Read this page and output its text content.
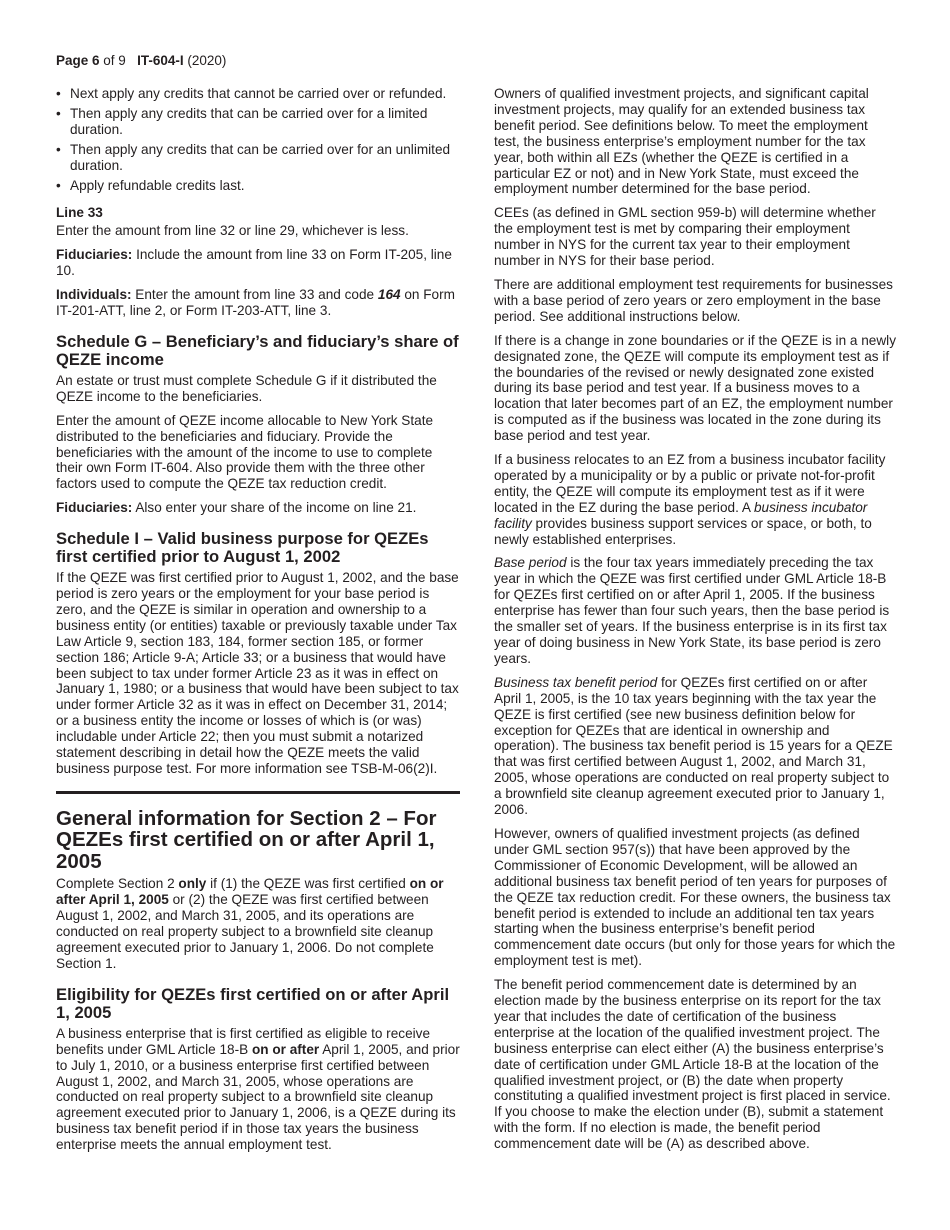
Page 6 of 9 IT-604-I (2020)
• Next apply any credits that cannot be carried over or refunded.
• Then apply any credits that can be carried over for a limited duration.
• Then apply any credits that can be carried over for an unlimited duration.
• Apply refundable credits last.
Line 33

Enter the amount from line 32 or line 29, whichever is less.

Fiduciaries: Include the amount from line 33 on Form IT-205, line 10.

Individuals: Enter the amount from line 33 and code 164 on Form IT-201-ATT, line 2, or Form IT-203-ATT, line 3.

Schedule G – Beneficiary’s and fiduciary’s share of QEZE income

An estate or trust must complete Schedule G if it distributed the QEZE income to the beneficiaries.

Enter the amount of QEZE income allocable to New York State distributed to the beneficiaries and fiduciary. Provide the beneficiaries with the amount of the income to use to complete their own Form IT-604. Also provide them with the three other factors used to compute the QEZE tax reduction credit.

Fiduciaries: Also enter your share of the income on line 21.

Schedule I – Valid business purpose for QEZEs first certified prior to August 1, 2002

If the QEZE was first certified prior to August 1, 2002, and the base period is zero years or the employment for your base period is zero, and the QEZE is similar in operation and ownership to a business entity (or entities) taxable or previously taxable under Tax Law Article 9, section 183, 184, former section 185, or former section 186; Article 9-A; Article 33; or a business that would have been subject to tax under former Article 23 as it was in effect on January 1, 1980; or a business that would have been subject to tax under former Article 32 as it was in effect on December 31, 2014; or a business entity the income or losses of which is (or was) includable under Article 22; then you must submit a notarized statement describing in detail how the QEZE meets the valid business purpose test. For more information see TSB-M-06(2)I.

General information for Section 2 – For QEZEs first certified on or after April 1, 2005

Complete Section 2 only if (1) the QEZE was first certified on or after April 1, 2005 or (2) the QEZE was first certified between August 1, 2002, and March 31, 2005, and its operations are conducted on real property subject to a brownfield site cleanup agreement executed prior to January 1, 2006. Do not complete Section 1.

Eligibility for QEZEs first certified on or after April 1, 2005

A business enterprise that is first certified as eligible to receive benefits under GML Article 18-B on or after April 1, 2005, and prior to July 1, 2010, or a business enterprise first certified between August 1, 2002, and March 31, 2005, whose operations are conducted on real property subject to a brownfield site cleanup agreement executed prior to January 1, 2006, is a QEZE during its business tax benefit period if in those tax years the business enterprise meets the annual employment test.

Owners of qualified investment projects, and significant capital investment projects, may qualify for an extended business tax benefit period. See definitions below. To meet the employment test, the business enterprise’s employment number for the tax year, both within all EZs (whether the QEZE is certified in a particular EZ or not) and in New York State, must exceed the employment number determined for the base period.

CEEs (as defined in GML section 959-b) will determine whether the employment test is met by comparing their employment number in NYS for the current tax year to their employment number in NYS for their base period.

There are additional employment test requirements for businesses with a base period of zero years or zero employment in the base period. See additional instructions below.

If there is a change in zone boundaries or if the QEZE is in a newly designated zone, the QEZE will compute its employment test as if the boundaries of the revised or newly designated zone existed during its base period and test year. If a business moves to a location that later becomes part of an EZ, the employment number is computed as if the business was located in the zone during its base period and test year.

If a business relocates to an EZ from a business incubator facility operated by a municipality or by a public or private not-for-profit entity, the QEZE will compute its employment test as if it were located in the EZ during the base period. A business incubator facility provides business support services or space, or both, to newly established enterprises.

Base period is the four tax years immediately preceding the tax year in which the QEZE was first certified under GML Article 18-B for QEZEs first certified on or after April 1, 2005. If the business enterprise has fewer than four such years, then the base period is the smaller set of years. If the business enterprise is in its first tax year of doing business in New York State, its base period is zero years.

Business tax benefit period for QEZEs first certified on or after April 1, 2005, is the 10 tax years beginning with the tax year the QEZE is first certified (see new business definition below for exception for QEZEs that are identical in ownership and operation). The business tax benefit period is 15 years for a QEZE that was first certified between August 1, 2002, and March 31, 2005, whose operations are conducted on real property subject to a brownfield site cleanup agreement executed prior to January 1, 2006.

However, owners of qualified investment projects (as defined under GML section 957(s)) that have been approved by the Commissioner of Economic Development, will be allowed an additional business tax benefit period of ten years for purposes of the QEZE tax reduction credit. For these owners, the business tax benefit period is extended to include an additional ten tax years starting when the business enterprise’s benefit period commencement date occurs (but only for those years for which the employment test is met).

The benefit period commencement date is determined by an election made by the business enterprise on its report for the tax year that includes the date of certification of the business enterprise at the location of the qualified investment project. The business enterprise can elect either (A) the business enterprise’s date of certification under GML Article 18-B at the location of the qualified investment project, or (B) the date when property constituting a qualified investment project is first placed in service. If you choose to make the election under (B), submit a statement with the form. If no election is made, the benefit period commencement date will be (A) as described above.
